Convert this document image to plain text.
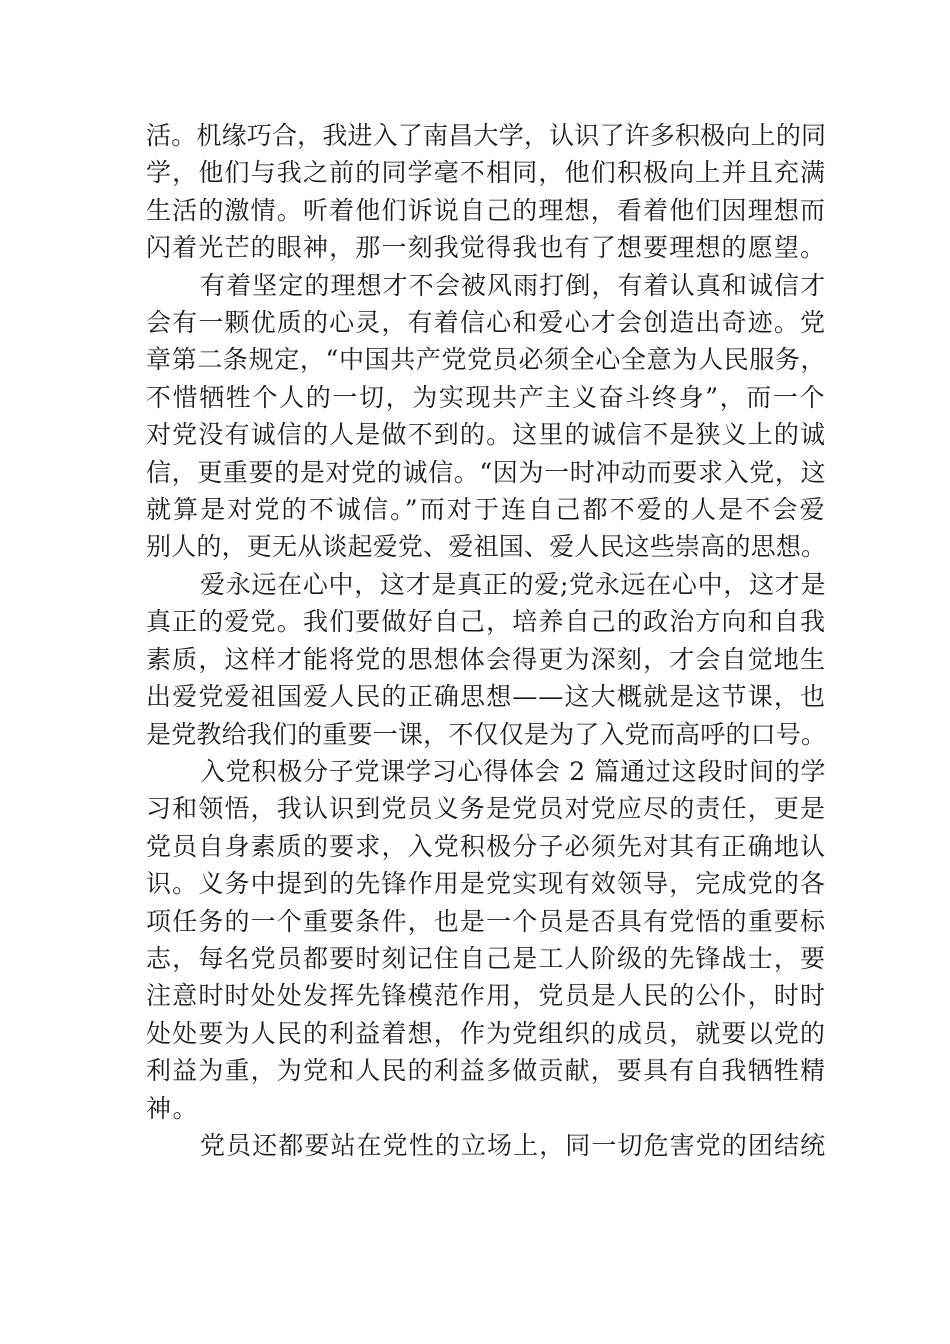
活。机缘巧合，我进入了南昌大学，认识了许多积极向上的同
学，他们与我之前的同学毫不相同，他们积极向上并且充满
生活的激情。听着他们诉说自己的理想，看着他们因理想而
闪着光芒的眼神，那一刻我觉得我也有了想要理想的愿望。

有着坚定的理想才不会被风雨打倒，有着认真和诚信才
会有一颗优质的心灵，有着信心和爱心才会创造出奇迹。党
章第二条规定，“中国共产党党员必须全心全意为人民服务，
不惜牺牲个人的一切，为实现共产主义奋斗终身”，而一个
对党没有诚信的人是做不到的。这里的诚信不是狭义上的诚
信，更重要的是对党的诚信。“因为一时冲动而要求入党，这
就算是对党的不诚信。”而对于连自己都不爱的人是不会爱
别人的，更无从谈起爱党、爱祖国、爱人民这些崇高的思想。

爱永远在心中，这才是真正的爱;党永远在心中，这才是
真正的爱党。我们要做好自己，培养自己的政治方向和自我
素质，这样才能将党的思想体会得更为深刻，才会自觉地生
出爱党爱祖国爱人民的正确思想——这大概就是这节课，也
是党教给我们的重要一课，不仅仅是为了入党而高呼的口号。

入党积极分子党课学习心得体会 2 篇通过这段时间的学
习和领悟，我认识到党员义务是党员对党应尽的责任，更是
党员自身素质的要求，入党积极分子必须先对其有正确地认
识。义务中提到的先锋作用是党实现有效领导，完成党的各
项任务的一个重要条件，也是一个员是否具有党悟的重要标
志，每名党员都要时刻记住自己是工人阶级的先锋战士，要
注意时时处处发挥先锋模范作用，党员是人民的公仆，时时
处处要为人民的利益着想，作为党组织的成员，就要以党的
利益为重，为党和人民的利益多做贡献，要具有自我牺牲精
神。

党员还都要站在党性的立场上，同一切危害党的团结统
